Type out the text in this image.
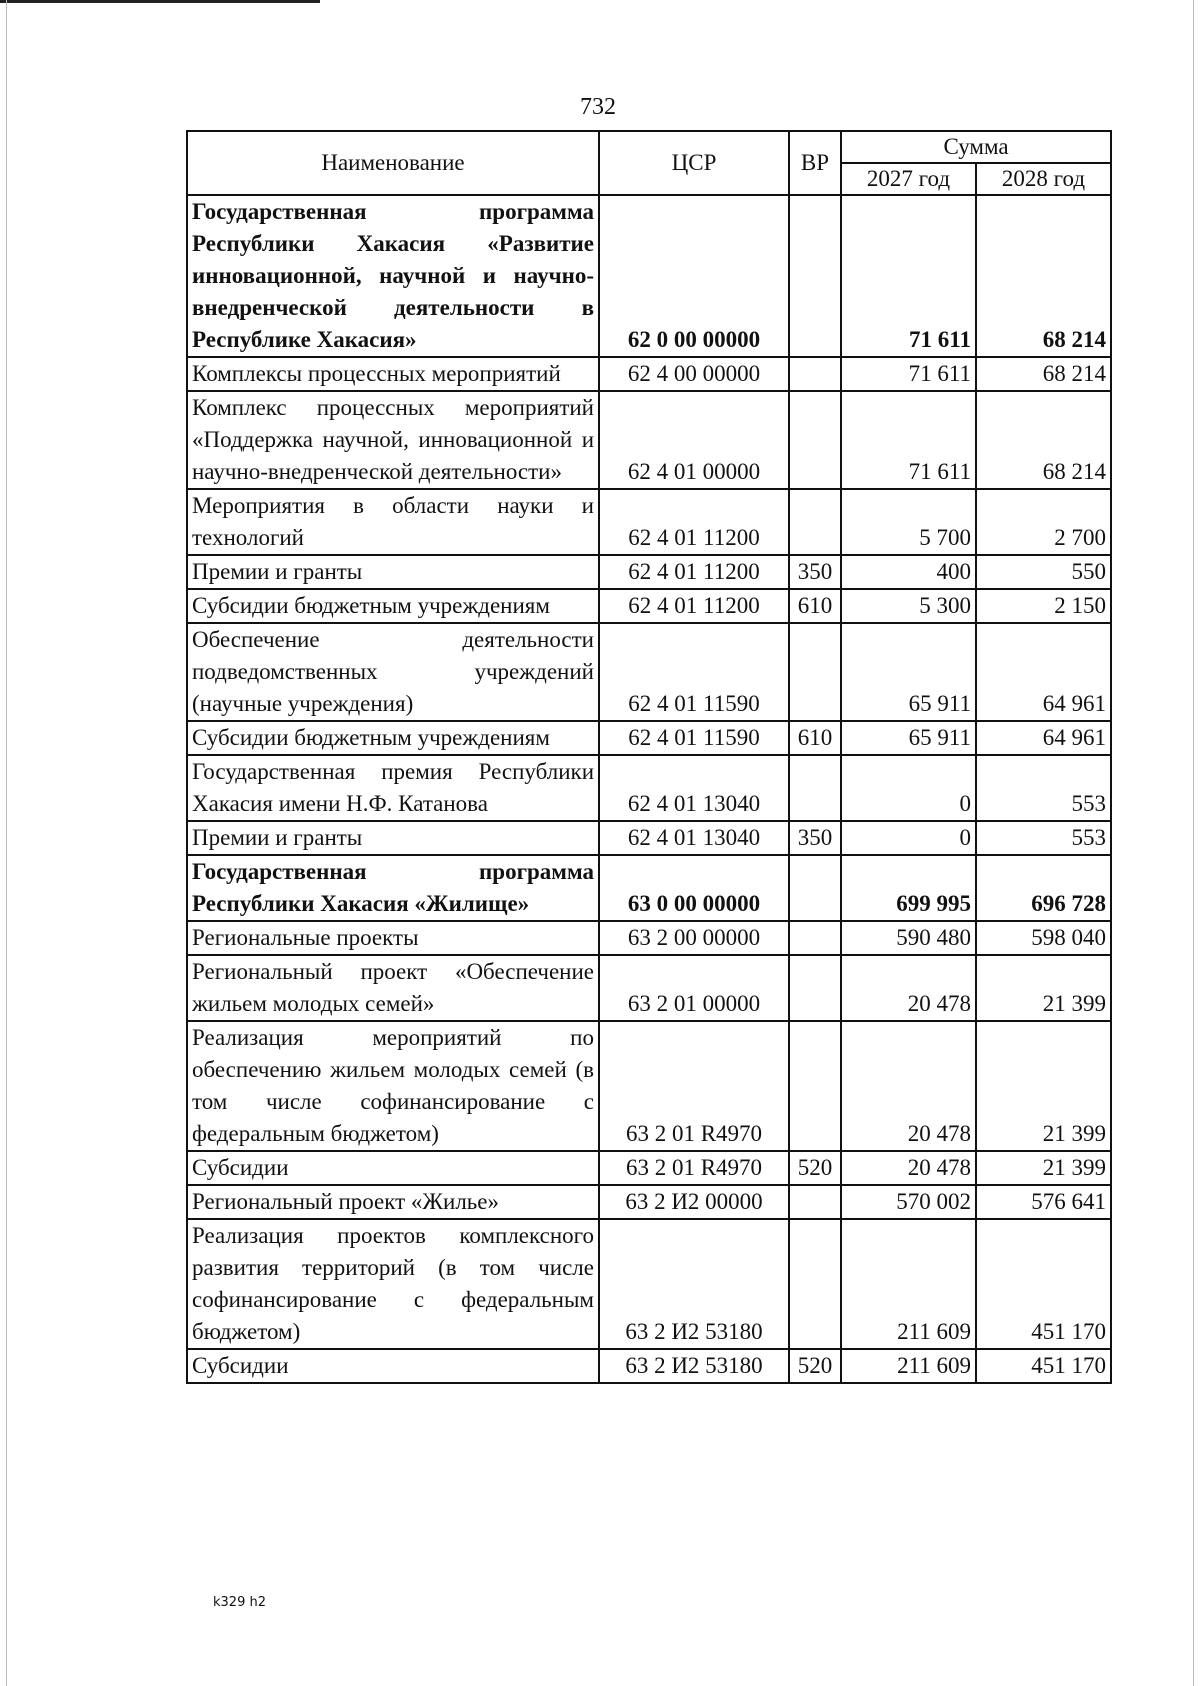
732
Наименование	ЦСР	ВР	Сумма	
			2027 год	2028 год
Государственная программа Республики Хакасия «Развитие инновационной, научной и научно-внедренческой деятельности в Республике Хакасия»	62 0 00 00000		71 611	68 214
Комплексы процессных мероприятий	62 4 00 00000		71 611	68 214
Комплекс процессных мероприятий «Поддержка научной, инновационной и научно-внедренческой деятельности»	62 4 01 00000		71 611	68 214
Мероприятия в области науки и технологий	62 4 01 11200		5 700	2 700
Премии и гранты	62 4 01 11200	350	400	550
Субсидии бюджетным учреждениям	62 4 01 11200	610	5 300	2 150
Обеспечение деятельности подведомственных учреждений (научные учреждения)	62 4 01 11590		65 911	64 961
Субсидии бюджетным учреждениям	62 4 01 11590	610	65 911	64 961
Государственная премия Республики Хакасия имени Н.Ф. Катанова	62 4 01 13040		0	553
Премии и гранты	62 4 01 13040	350	0	553
Государственная программа Республики Хакасия «Жилище»	63 0 00 00000		699 995	696 728
Региональные проекты	63 2 00 00000		590 480	598 040
Региональный проект «Обеспечение жильем молодых семей»	63 2 01 00000		20 478	21 399
Реализация мероприятий по обеспечению жильем молодых семей (в том числе софинансирование с федеральным бюджетом)	63 2 01 R4970		20 478	21 399
Субсидии	63 2 01 R4970	520	20 478	21 399
Региональный проект «Жилье»	63 2 И2 00000		570 002	576 641
Реализация проектов комплексного развития территорий (в том числе софинансирование с федеральным бюджетом)	63 2 И2 53180		211 609	451 170
Субсидии	63 2 И2 53180	520	211 609	451 170
k329 h2
